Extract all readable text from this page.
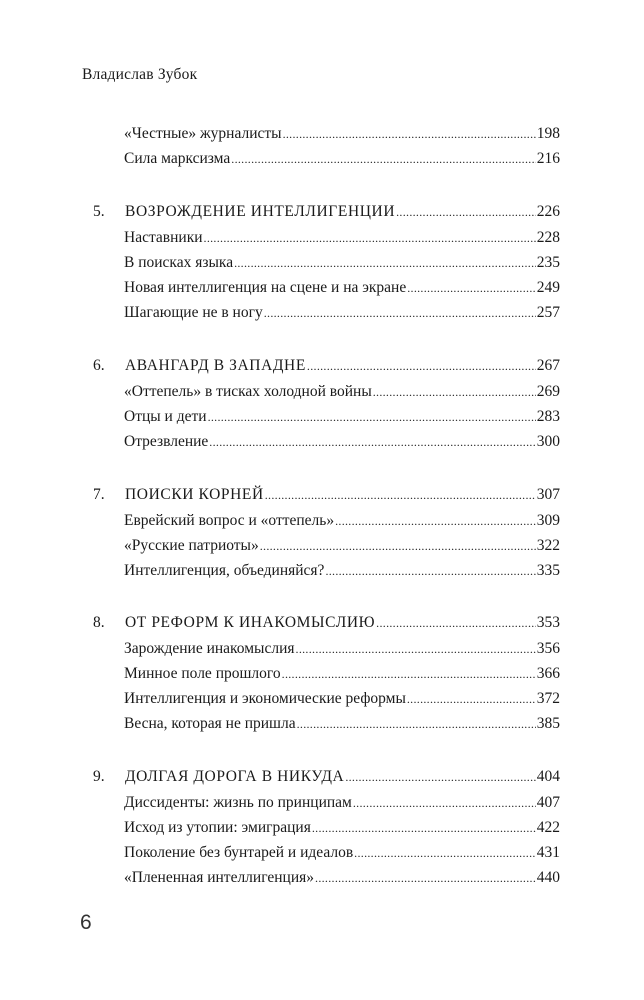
Владислав Зубок
«Честные» журналисты .....	198
Сила марксизма .....	216
5.	ВОЗРОЖДЕНИЕ ИНТЕЛЛИГЕНЦИИ .....	226
Наставники .....	228
В поисках языка .....	235
Новая интеллигенция на сцене и на экране .....	249
Шагающие не в ногу .....	257
6.	АВАНГАРД В ЗАПАДНЕ .....	267
«Оттепель» в тисках холодной войны .....	269
Отцы и дети .....	283
Отрезвление .....	300
7.	ПОИСКИ КОРНЕЙ .....	307
Еврейский вопрос и «оттепель» .....	309
«Русские патриоты» .....	322
Интеллигенция, объединяйся? .....	335
8.	ОТ РЕФОРМ К ИНАКОМЫСЛИЮ .....	353
Зарождение инакомыслия .....	356
Минное поле прошлого .....	366
Интеллигенция и экономические реформы .....	372
Весна, которая не пришла .....	385
9.	ДОЛГАЯ ДОРОГА В НИКУДА .....	404
Диссиденты: жизнь по принципам .....	407
Исход из утопии: эмиграция .....	422
Поколение без бунтарей и идеалов .....	431
«Плененная интеллигенция» .....	440
6
